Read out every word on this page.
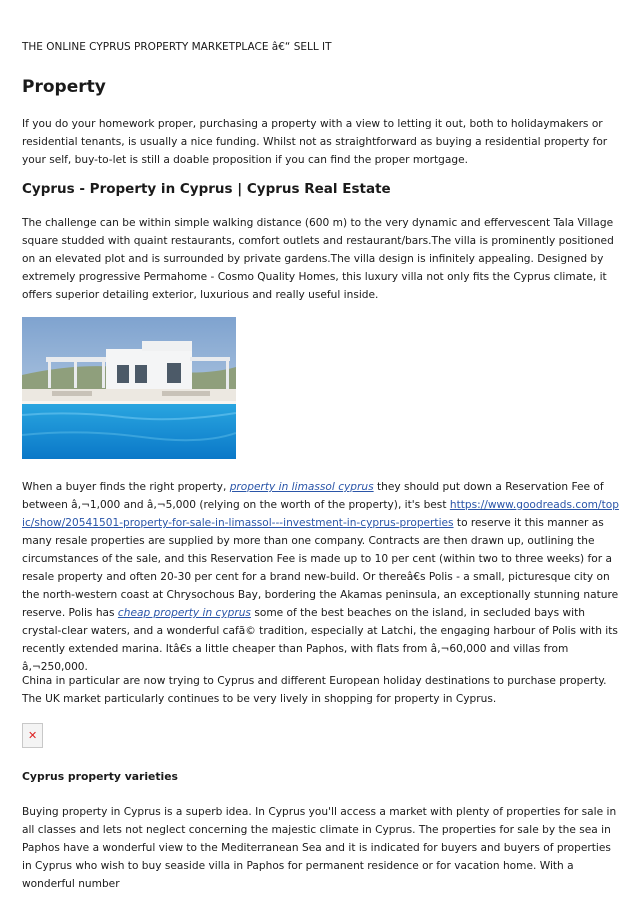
THE ONLINE CYPRUS PROPERTY MARKETPLACE â€“ SELL IT

Property

If you do your homework proper, purchasing a property with a view to letting it out, both to holidaymakers or residential tenants, is usually a nice funding. Whilst not as straightforward as buying a residential property for your self, buy-to-let is still a doable proposition if you can find the proper mortgage.

Cyprus - Property in Cyprus | Cyprus Real Estate

The challenge can be within simple walking distance (600 m) to the very dynamic and effervescent Tala Village square studded with quaint restaurants, comfort outlets and restaurant/bars.The villa is prominently positioned on an elevated plot and is surrounded by private gardens.The villa design is infinitely appealing. Designed by extremely progressive Permahome - Cosmo Quality Homes, this luxury villa not only fits the Cyprus climate, it offers superior detailing exterior, luxurious and really useful inside.

When a buyer finds the right property, property in limassol cyprus they should put down a Reservation Fee of between â‚¬1,000 and â‚¬5,000 (relying on the worth of the property), it's best https://www.goodreads.com/topic/show/20541501-property-for-sale-in-limassol---investment-in-cyprus-properties to reserve it this manner as many resale properties are supplied by more than one company. Contracts are then drawn up, outlining the circumstances of the sale, and this Reservation Fee is made up to 10 per cent (within two to three weeks) for a resale property and often 20-30 per cent for a brand new-build. Or thereâ€s Polis - a small, picturesque city on the north-western coast at Chrysochous Bay, bordering the Akamas peninsula, an exceptionally stunning nature reserve. Polis has cheap property in cyprus some of the best beaches on the island, in secluded bays with crystal-clear waters, and a wonderful cafã© tradition, especially at Latchi, the engaging harbour of Polis with its recently extended marina. Itâ€s a little cheaper than Paphos, with flats from â‚¬60,000 and villas from â‚¬250,000.

China in particular are now trying to Cyprus and different European holiday destinations to purchase property. The UK market particularly continues to be very lively in shopping for property in Cyprus.

✕
Cyprus property varieties

Buying property in Cyprus is a superb idea. In Cyprus you'll access a market with plenty of properties for sale in all classes and lets not neglect concerning the majestic climate in Cyprus. The properties for sale by the sea in Paphos have a wonderful view to the Mediterranean Sea and it is indicated for buyers and buyers of properties in Cyprus who wish to buy seaside villa in Paphos for permanent residence or for vacation home. With a wonderful number
